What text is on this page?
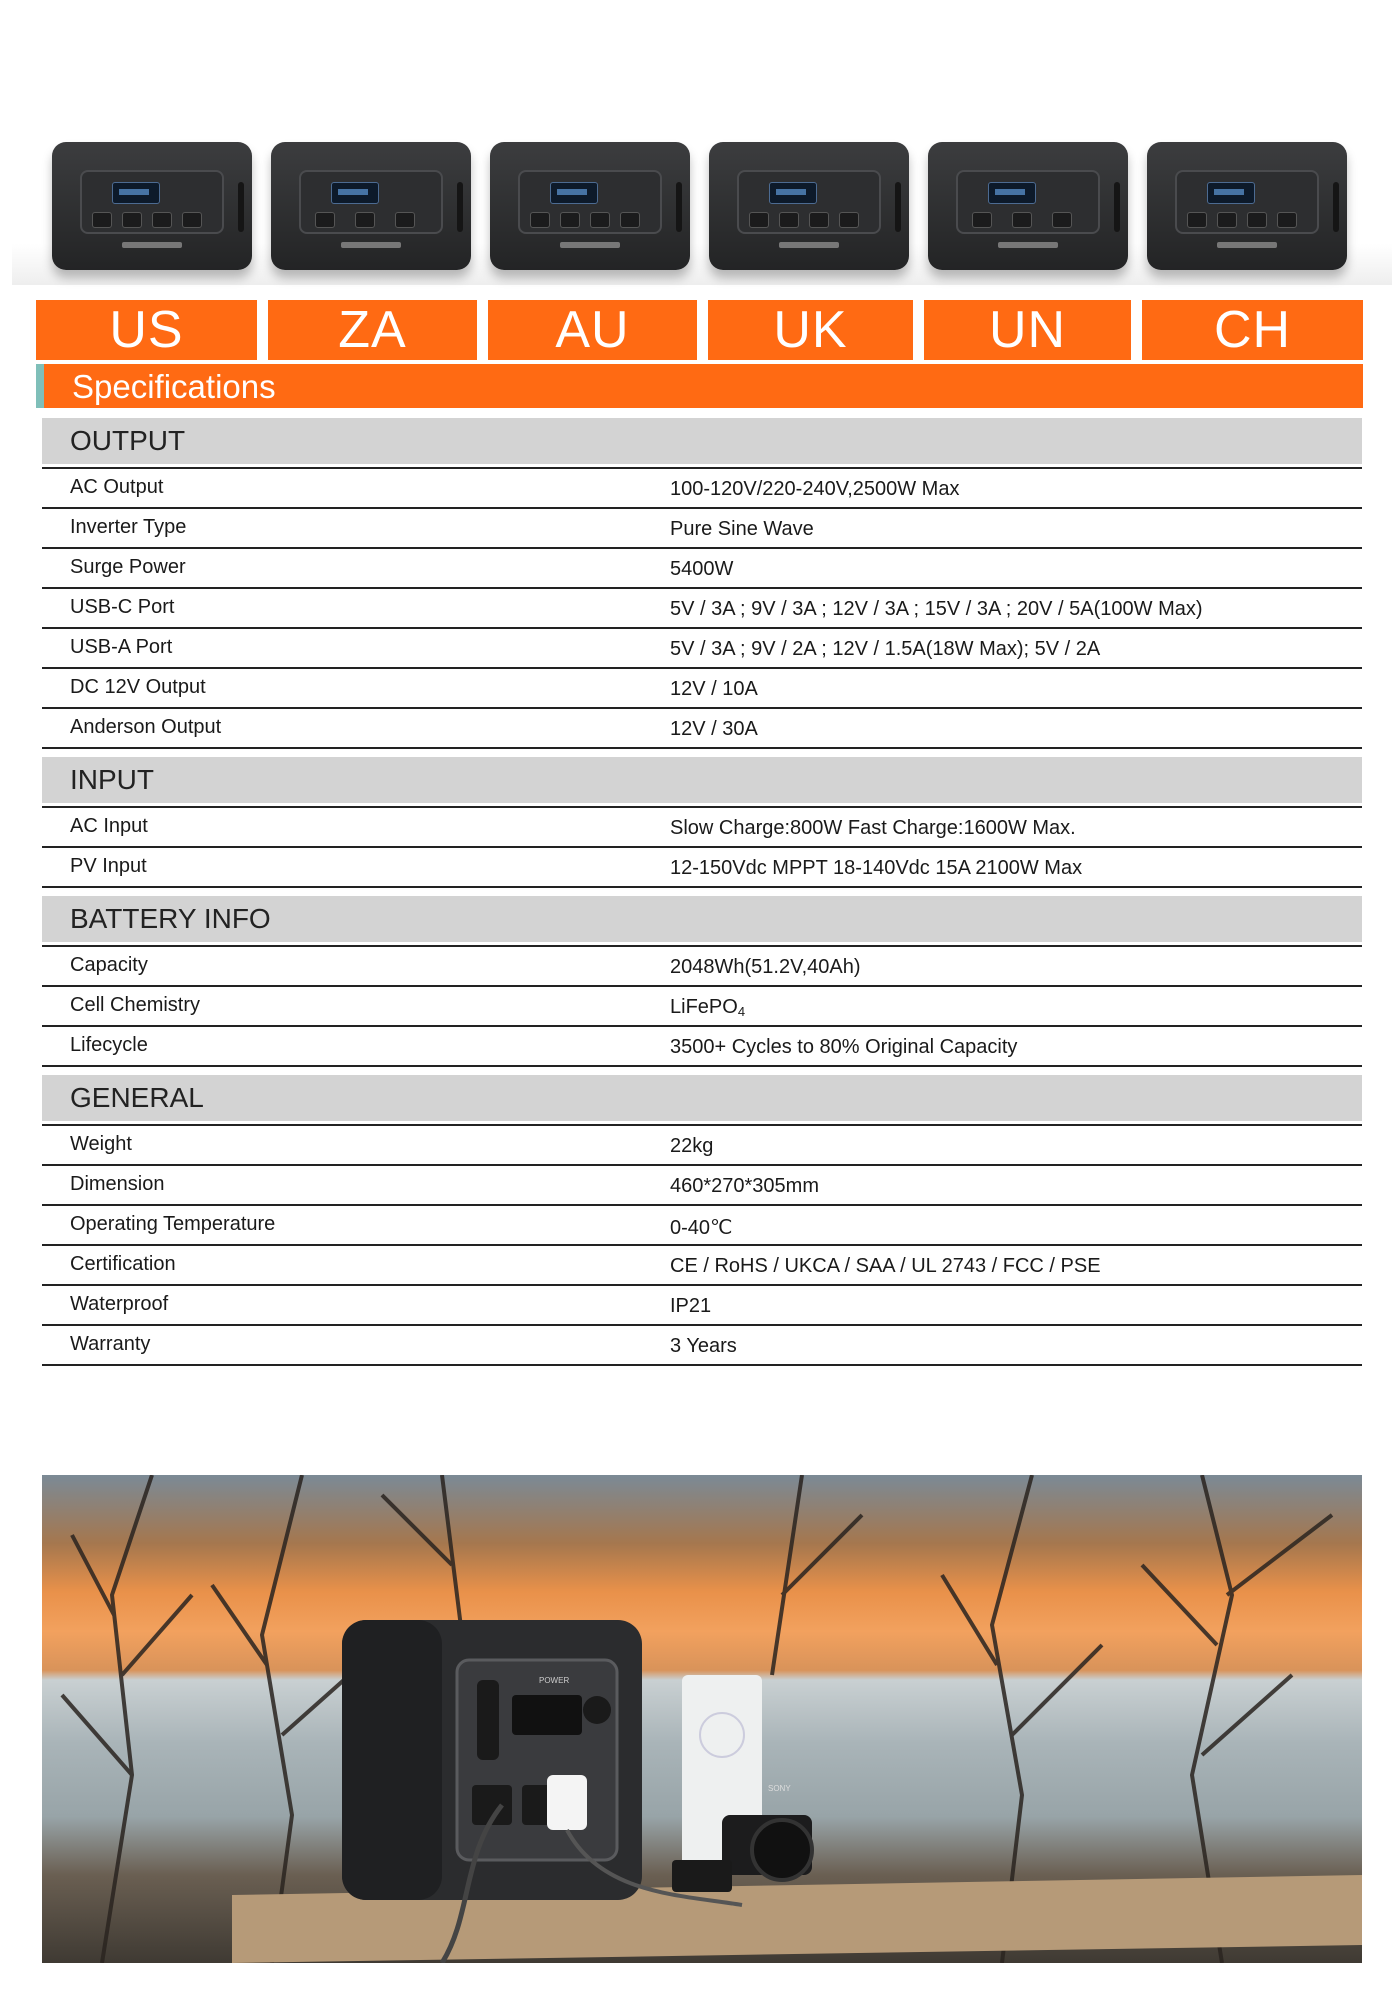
US	ZA	AU	UK	UN	CH
Specifications
OUTPUT
AC Output	100-120V/220-240V,2500W Max
Inverter Type	Pure Sine Wave
Surge Power	5400W
USB-C Port	5V / 3A ; 9V / 3A ; 12V / 3A ; 15V / 3A ; 20V / 5A(100W Max)
USB-A Port	5V / 3A ; 9V / 2A ; 12V / 1.5A(18W Max); 5V / 2A
DC 12V Output	12V / 10A
Anderson Output	12V / 30A
INPUT
AC Input	Slow Charge:800W Fast Charge:1600W Max.
PV Input	12-150Vdc MPPT 18-140Vdc 15A 2100W Max
BATTERY INFO
Capacity	2048Wh(51.2V,40Ah)
Cell Chemistry	LiFePO4
Lifecycle	3500+ Cycles to 80% Original Capacity
GENERAL
Weight	22kg
Dimension	460*270*305mm
Operating Temperature	0-40℃
Certification	CE / RoHS / UKCA / SAA / UL 2743 / FCC / PSE
Waterproof	IP21
Warranty	3 Years
POWER
SONY
